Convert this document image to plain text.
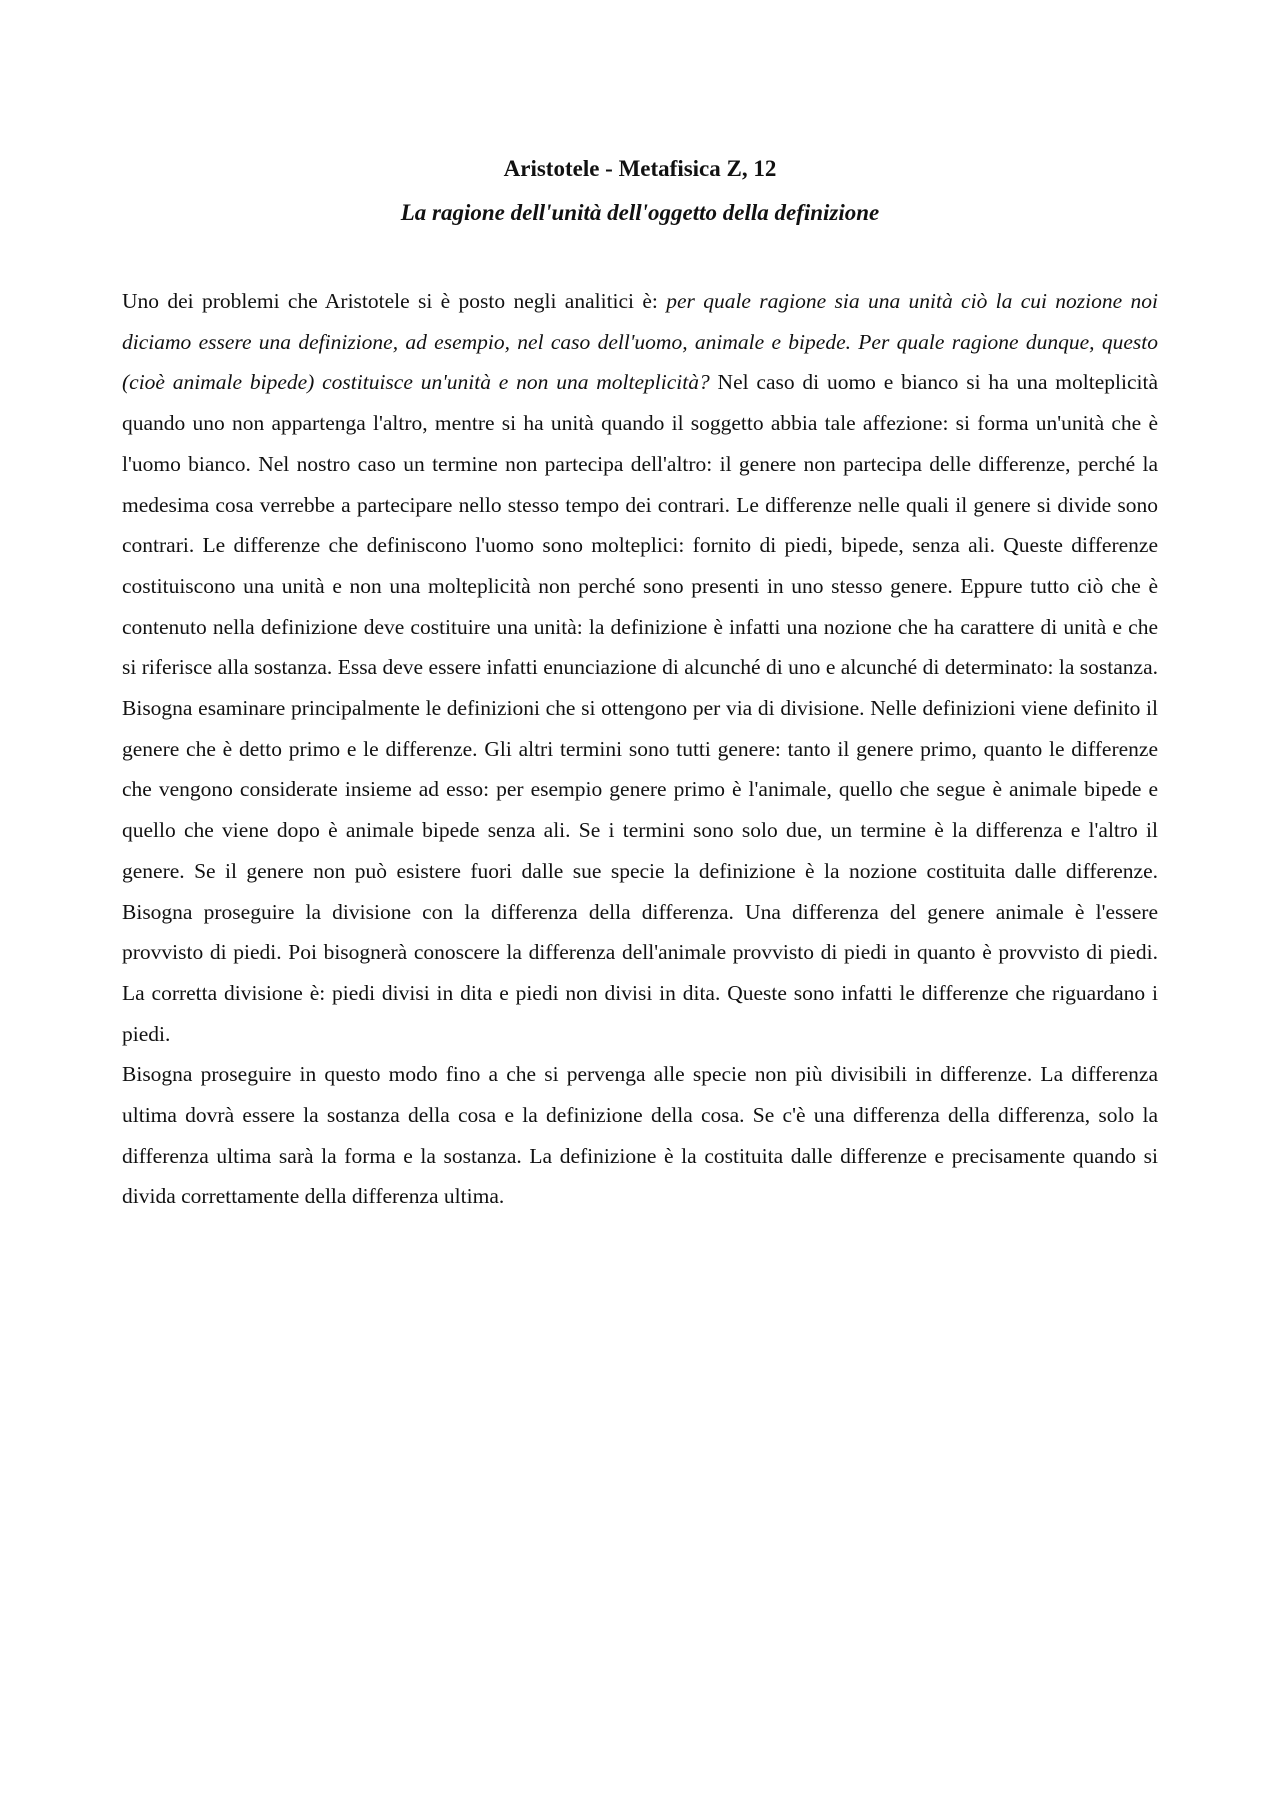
Aristotele - Metafisica Z, 12
La ragione dell'unità dell'oggetto della definizione

Uno dei problemi che Aristotele si è posto negli analitici è: per quale ragione sia una unità ciò la cui nozione noi diciamo essere una definizione, ad esempio, nel caso dell'uomo, animale e bipede. Per quale ragione dunque, questo (cioè animale bipede) costituisce un'unità e non una molteplicità? Nel caso di uomo e bianco si ha una molteplicità quando uno non appartenga l'altro, mentre si ha unità quando il soggetto abbia tale affezione: si forma un'unità che è l'uomo bianco. Nel nostro caso un termine non partecipa dell'altro: il genere non partecipa delle differenze, perché la medesima cosa verrebbe a partecipare nello stesso tempo dei contrari. Le differenze nelle quali il genere si divide sono contrari. Le differenze che definiscono l'uomo sono molteplici: fornito di piedi, bipede, senza ali. Queste differenze costituiscono una unità e non una molteplicità non perché sono presenti in uno stesso genere. Eppure tutto ciò che è contenuto nella definizione deve costituire una unità: la definizione è infatti una nozione che ha carattere di unità e che si riferisce alla sostanza. Essa deve essere infatti enunciazione di alcunché di uno e alcunché di determinato: la sostanza. Bisogna esaminare principalmente le definizioni che si ottengono per via di divisione. Nelle definizioni viene definito il genere che è detto primo e le differenze. Gli altri termini sono tutti genere: tanto il genere primo, quanto le differenze che vengono considerate insieme ad esso: per esempio genere primo è l'animale, quello che segue è animale bipede e quello che viene dopo è animale bipede senza ali. Se i termini sono solo due, un termine è la differenza e l'altro il genere. Se il genere non può esistere fuori dalle sue specie la definizione è la nozione costituita dalle differenze. Bisogna proseguire la divisione con la differenza della differenza. Una differenza del genere animale è l'essere provvisto di piedi. Poi bisognerà conoscere la differenza dell'animale provvisto di piedi in quanto è provvisto di piedi. La corretta divisione è: piedi divisi in dita e piedi non divisi in dita. Queste sono infatti le differenze che riguardano i piedi.

Bisogna proseguire in questo modo fino a che si pervenga alle specie non più divisibili in differenze. La differenza ultima dovrà essere la sostanza della cosa e la definizione della cosa. Se c'è una differenza della differenza, solo la differenza ultima sarà la forma e la sostanza. La definizione è la costituita dalle differenze e precisamente quando si divida correttamente della differenza ultima.
